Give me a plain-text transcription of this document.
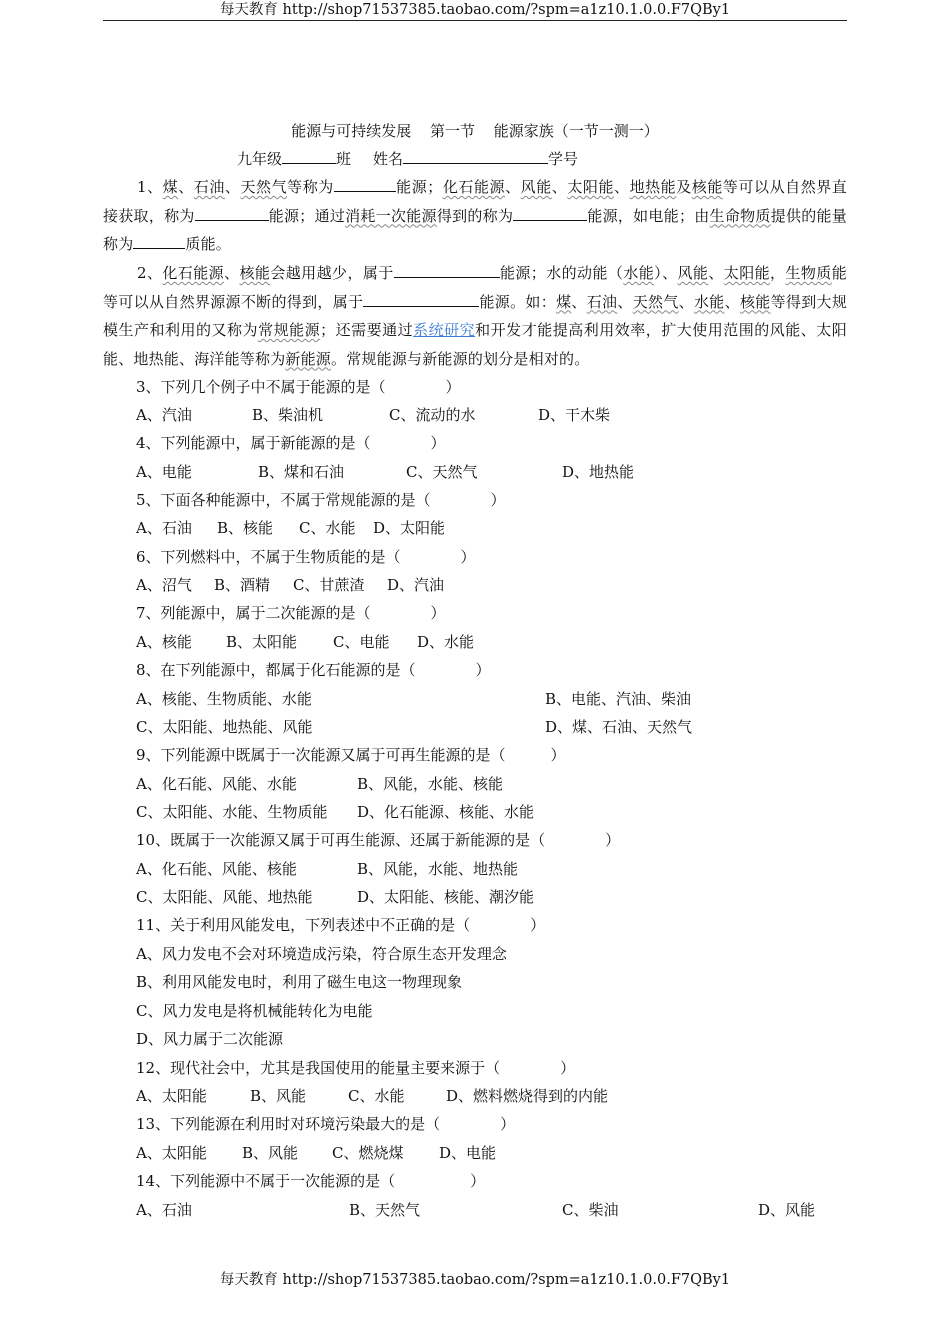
每天教育 http://shop71537385.taobao.com/?spm=a1z10.1.0.0.F7QBy1
能源与可持续发展 第一节 能源家族（一节一测一）
九年级	班 姓名	学号
1、煤、石油、天然气等称为	能源；化石能源、风能、太阳能、地热能及核能等可以从自然界直接获取，称为	能源；通过消耗一次能源得到的称为	能源，如电能；由生命物质提供的能量称为	质能。
2、化石能源、核能会越用越少，属于	能源；水的动能（水能）、风能、太阳能，生物质能等可以从自然界源源不断的得到，属于	能源。如：煤、石油、天然气、水能、核能等得到大规模生产和利用的又称为常规能源；还需要通过系统研究和开发才能提高利用效率，扩大使用范围的风能、太阳能、地热能、海洋能等称为新能源。常规能源与新能源的划分是相对的。
3、下列几个例子中不属于能源的是（　　　　）
A、汽油	B、柴油机	C、流动的水	D、干木柴
4、下列能源中，属于新能源的是（　　　　）
A、电能	B、煤和石油	C、天然气	D、地热能
5、下面各种能源中，不属于常规能源的是（　　　　）
A、石油 B、核能 C、水能 D、太阳能
6、下列燃料中，不属于生物质能的是（　　　　）
A、沼气 B、酒精 C、甘蔗渣 D、汽油
7、列能源中，属于二次能源的是（　　　　）
A、核能 B、太阳能 C、电能 D、水能
8、在下列能源中，都属于化石能源的是（　　　　）
A、核能、生物质能、水能	B、电能、汽油、柴油
C、太阳能、地热能、风能	D、煤、石油、天然气
9、下列能源中既属于一次能源又属于可再生能源的是（　　　）
A、化石能、风能、水能	B、风能，水能、核能
C、太阳能、水能、生物质能 D、化石能源、核能、水能
10、既属于一次能源又属于可再生能源、还属于新能源的是（　　　　）
A、化石能、风能、核能	B、风能，水能、地热能
C、太阳能、风能、地热能	D、太阳能、核能、潮汐能
11、关于利用风能发电，下列表述中不正确的是（　　　　）
A、风力发电不会对环境造成污染，符合原生态开发理念
B、利用风能发电时，利用了磁生电这一物理现象
C、风力发电是将机械能转化为电能
D、风力属于二次能源
12、现代社会中，尤其是我国使用的能量主要来源于（　　　　）
A、太阳能	B、风能	C、水能	D、燃料燃烧得到的内能
13、下列能源在利用时对环境污染最大的是（　　　　）
A、太阳能 B、风能 C、燃烧煤 D、电能
14、下列能源中不属于一次能源的是（　　　　　）
A、石油	B、天然气	C、柴油	D、风能
每天教育 http://shop71537385.taobao.com/?spm=a1z10.1.0.0.F7QBy1
